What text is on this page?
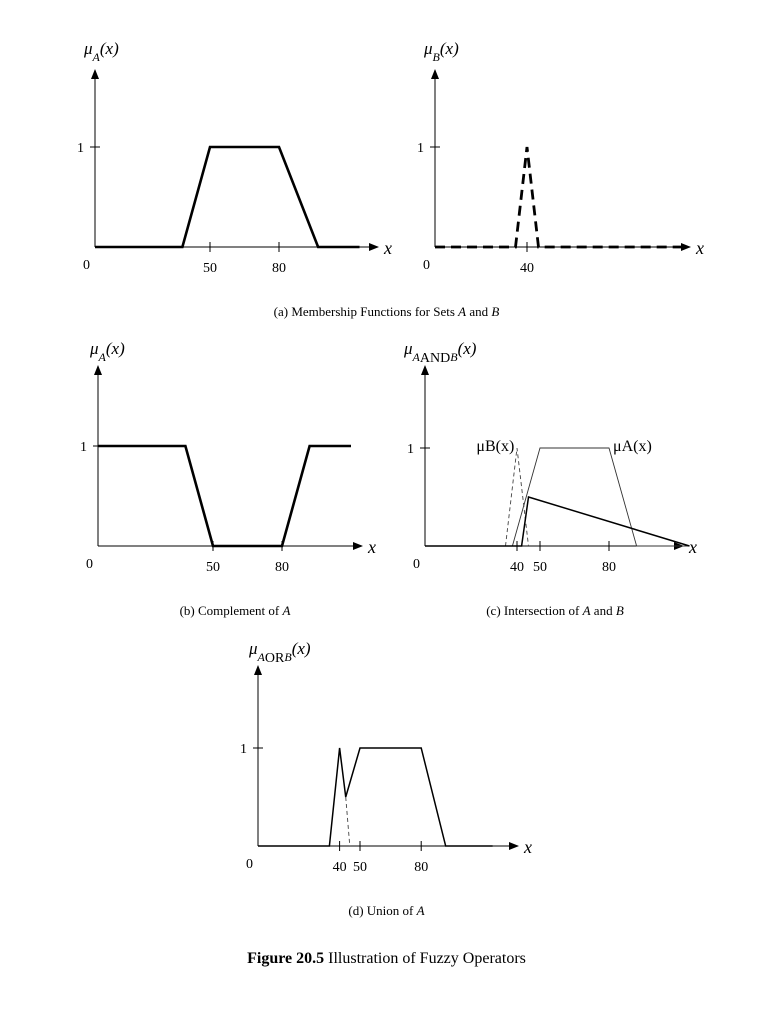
$\mu_A(x)$
1
0	50	80
x
$\mu_B(x)$
1
0	40
x
(a) Membership Functions for Sets A and B
$\mu_A(x)$
1
0	50	80
x
(b) Complement of A
$\mu_{AANDB}(x)$
1
0	40 50	80
x
μB(x)	μA(x)
(c) Intersection of A and B
$\mu_{AORB}(x)$
1
0	40 50	80
x
(d) Union of A
Figure 20.5 Illustration of Fuzzy Operators
